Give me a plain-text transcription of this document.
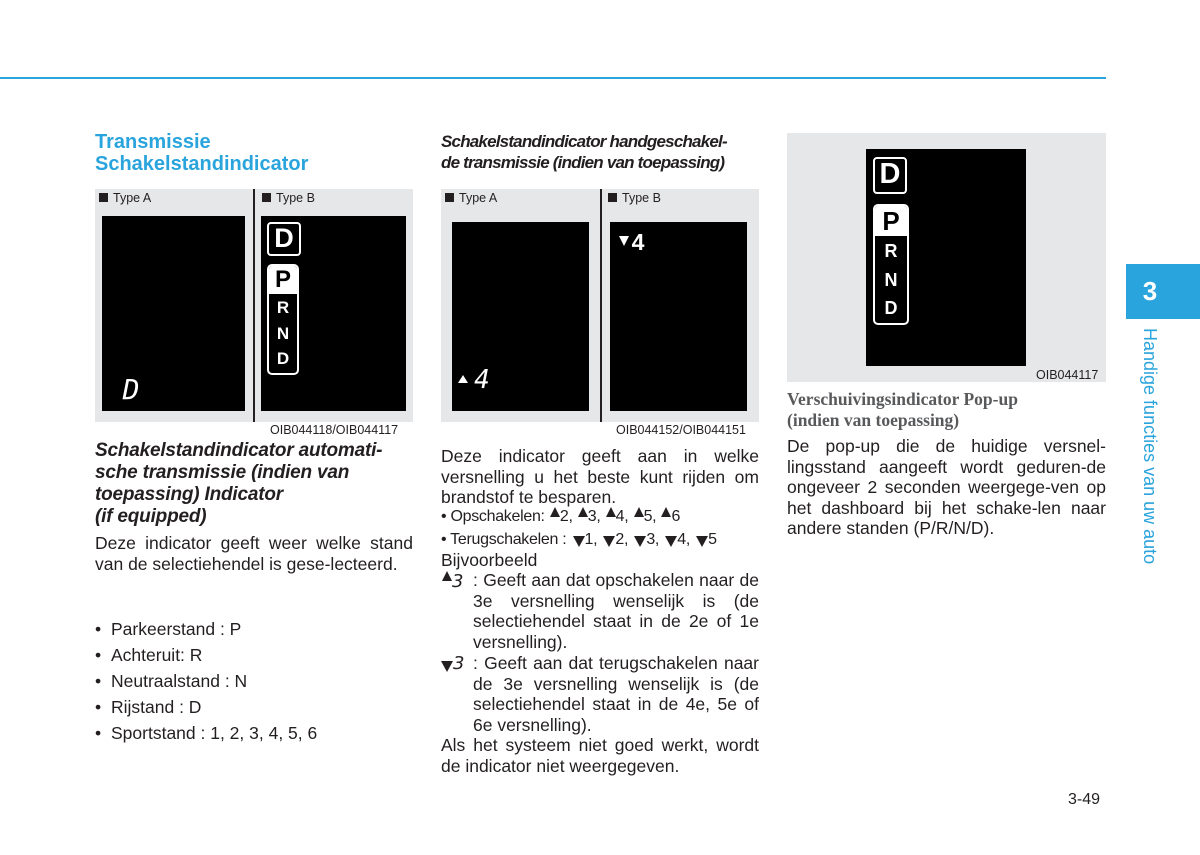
Transmissie
Schakelstandindicator
Type A	Type B
D
D
P
R
N
D
OIB044118/OIB044117
Schakelstandindicator automati-
sche transmissie (indien van
toepassing) Indicator
(if equipped)
Deze indicator geeft weer welke stand van de selectiehendel is gese-lecteerd.
• Parkeerstand : P
• Achteruit: R
• Neutraalstand : N
• Rijstand : D
• Sportstand : 1, 2, 3, 4, 5, 6
Schakelstandindicator handgeschakel-
de transmissie (indien van toepassing)
Type A	Type B
4
4
OIB044152/OIB044151
Deze indicator geeft aan in welke versnelling u het beste kunt rijden om brandstof te besparen.
• Opschakelen: 2, 3, 4, 5, 6
• Terugschakelen : 1, 2, 3, 4, 5
Bijvoorbeeld
3 : Geeft aan dat opschakelen naar de 3e versnelling wenselijk is (de selectiehendel staat in de 2e of 1e versnelling).
3 : Geeft aan dat terugschakelen naar de 3e versnelling wenselijk is (de selectiehendel staat in de 4e, 5e of 6e versnelling).
Als het systeem niet goed werkt, wordt de indicator niet weergegeven.
D
P
R
N
D
OIB044117
Verschuivingsindicator Pop-up
(indien van toepassing)
De pop-up die de huidige versnel-lingsstand aangeeft wordt geduren-de ongeveer 2 seconden weergege-ven op het dashboard bij het schake-len naar andere standen (P/R/N/D).
3
Handige functies van uw auto
3-49
